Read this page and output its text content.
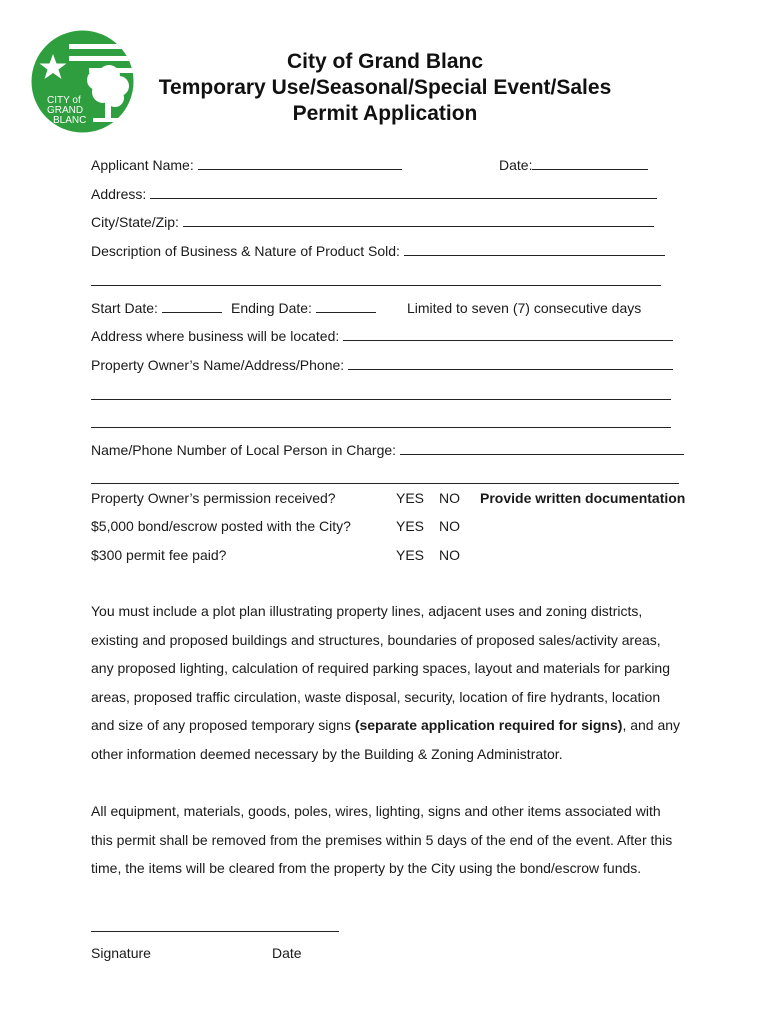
CITY of
GRAND
BLANC
City of Grand Blanc
Temporary Use/Seasonal/Special Event/Sales
Permit Application
Applicant Name:	Date:
Address:
City/State/Zip:
Description of Business & Nature of Product Sold:
Start Date:	Ending Date:	Limited to seven (7) consecutive days
Address where business will be located:
Property Owner’s Name/Address/Phone:
Name/Phone Number of Local Person in Charge:
Property Owner’s permission received?	YES NO Provide written documentation
$5,000 bond/escrow posted with the City?	YES NO
$300 permit fee paid?	YES NO

You must include a plot plan illustrating property lines, adjacent uses and zoning districts,

existing and proposed buildings and structures, boundaries of proposed sales/activity areas,

any proposed lighting, calculation of required parking spaces, layout and materials for parking

areas, proposed traffic circulation, waste disposal, security, location of fire hydrants, location

and size of any proposed temporary signs (separate application required for signs), and any

other information deemed necessary by the Building & Zoning Administrator.

All equipment, materials, goods, poles, wires, lighting, signs and other items associated with

this permit shall be removed from the premises within 5 days of the end of the event. After this

time, the items will be cleared from the property by the City using the bond/escrow funds.

Signature	Date
